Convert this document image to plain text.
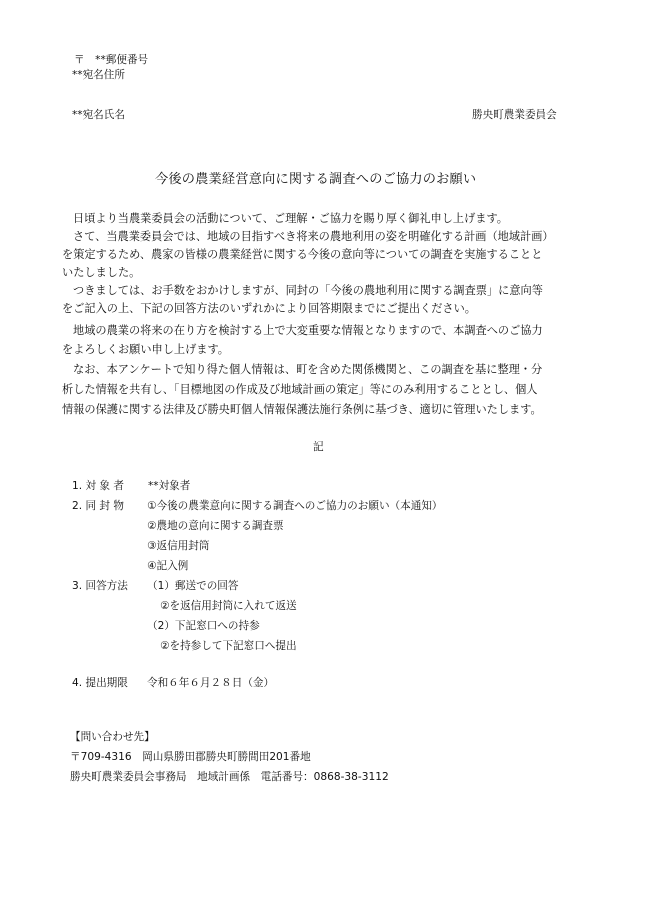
〒　**郵便番号
**宛名住所
**宛名氏名	勝央町農業委員会
今後の農業経営意向に関する調査へのご協力のお願い
日頃より当農業委員会の活動について、ご理解・ご協力を賜り厚く御礼申し上げます。
さて、当農業委員会では、地域の目指すべき将来の農地利用の姿を明確化する計画（地域計画）
を策定するため、農家の皆様の農業経営に関する今後の意向等についての調査を実施することと
いたしました。
つきましては、お手数をおかけしますが、同封の「今後の農地利用に関する調査票」に意向等
をご記入の上、下記の回答方法のいずれかにより回答期限までにご提出ください。
地域の農業の将来の在り方を検討する上で大変重要な情報となりますので、本調査へのご協力
をよろしくお願い申し上げます。
なお、本アンケートで知り得た個人情報は、町を含めた関係機関と、この調査を基に整理・分
析した情報を共有し、「目標地図の作成及び地域計画の策定」等にのみ利用することとし、個人
情報の保護に関する法律及び勝央町個人情報保護法施行条例に基づき、適切に管理いたします。
記
1. 対 象 者 **対象者
2. 同 封 物 ①今後の農業意向に関する調査へのご協力のお願い（本通知）
②農地の意向に関する調査票
③返信用封筒
④記入例
3. 回答方法 （1）郵送での回答
②を返信用封筒に入れて返送
（2）下記窓口への持参
②を持参して下記窓口へ提出
4. 提出期限 令和６年６月２８日（金）
【問い合わせ先】
〒709-4316　岡山県勝田郡勝央町勝間田201番地
勝央町農業委員会事務局　地域計画係　電話番号：0868-38-3112
